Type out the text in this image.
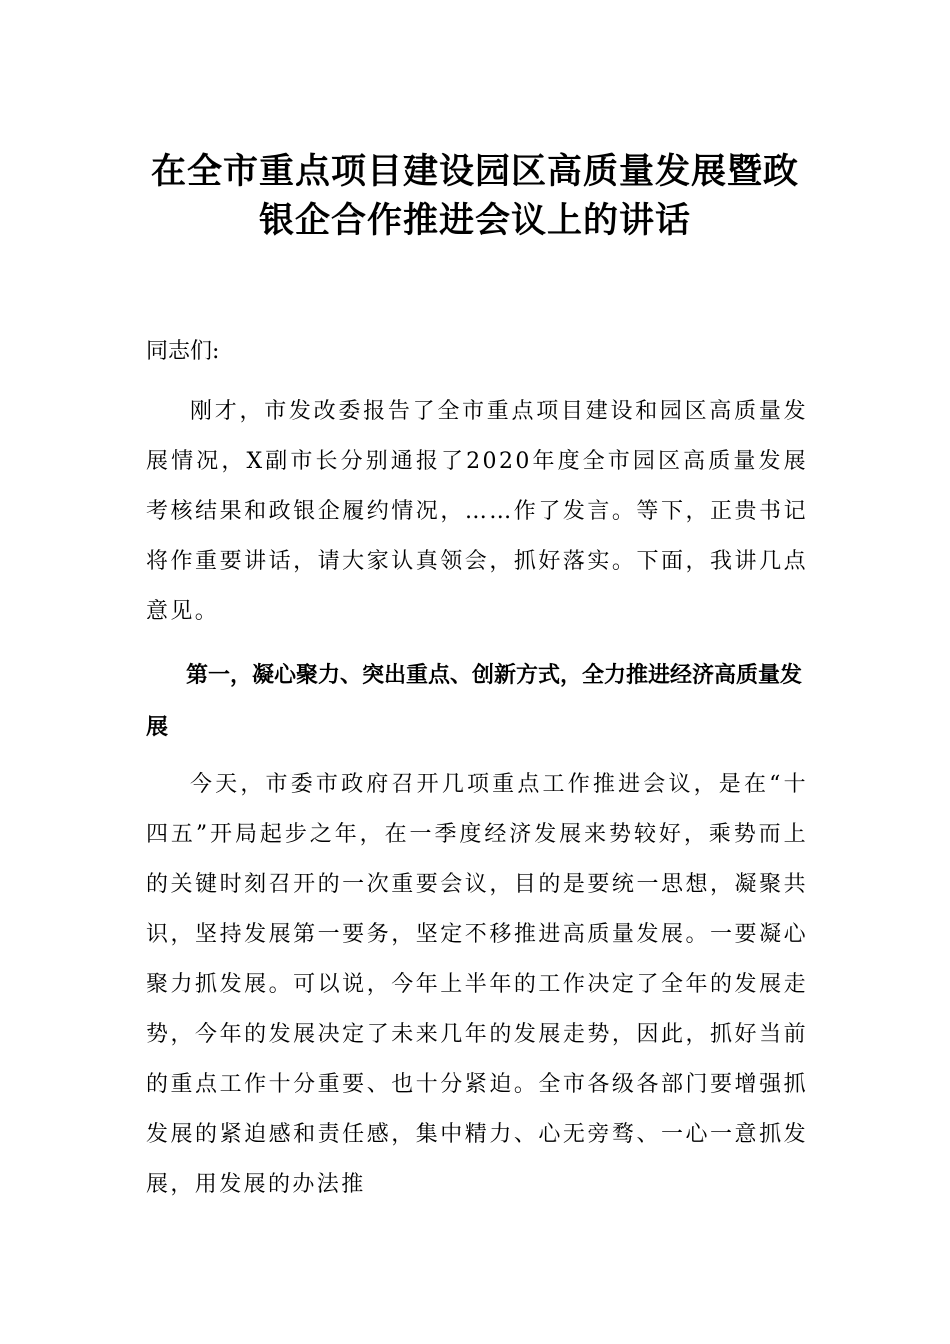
在全市重点项目建设园区高质量发展暨政
银企合作推进会议上的讲话

同志们:

刚才，市发改委报告了全市重点项目建设和园区高质量发展情况，X副市长分别通报了2020年度全市园区高质量发展考核结果和政银企履约情况，……作了发言。等下，正贵书记将作重要讲话，请大家认真领会，抓好落实。下面，我讲几点意见。

第一，凝心聚力、突出重点、创新方式，全力推进经济高质量发展

今天，市委市政府召开几项重点工作推进会议，是在“十四五”开局起步之年，在一季度经济发展来势较好，乘势而上的关键时刻召开的一次重要会议，目的是要统一思想，凝聚共识，坚持发展第一要务，坚定不移推进高质量发展。一要凝心聚力抓发展。可以说，今年上半年的工作决定了全年的发展走势，今年的发展决定了未来几年的发展走势，因此，抓好当前的重点工作十分重要、也十分紧迫。全市各级各部门要增强抓发展的紧迫感和责任感，集中精力、心无旁骛、一心一意抓发展，用发展的办法推
